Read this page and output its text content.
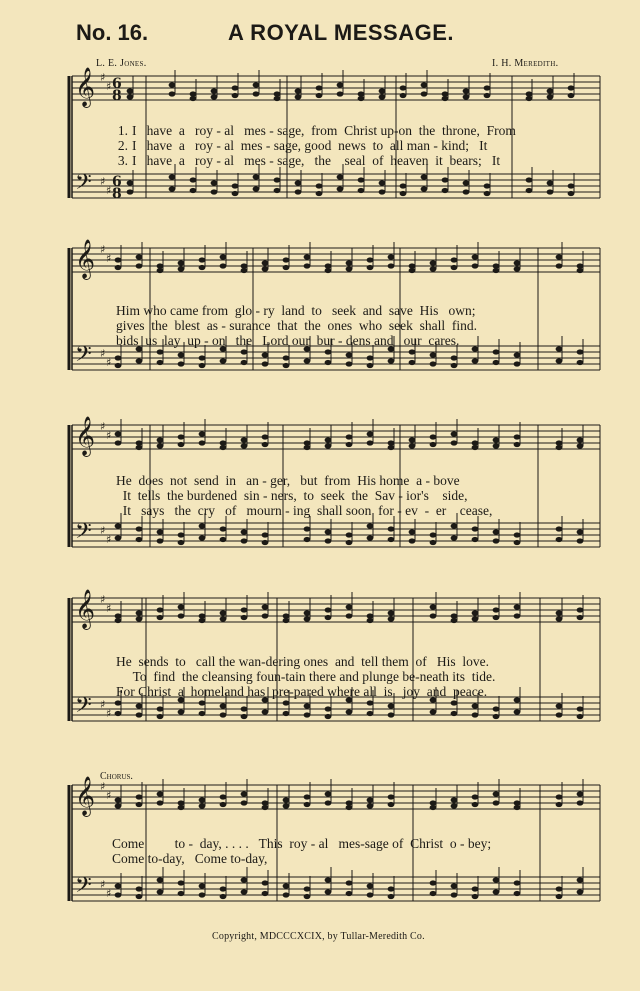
No. 16.	A ROYAL MESSAGE.
L. E. Jones.	I. H. Meredith.
𝄞
𝄢
♯
♯
♯
♯
𝄞
𝄢
♯
♯
♯
♯
𝄞
𝄢
♯
♯
♯
♯
𝄞
𝄢
♯
♯
♯
♯
𝄞
𝄢
♯
♯
♯
♯
6
8
6
8
1. I   have  a   roy - al   mes - sage,  from  Christ up-on  the  throne,  From
2. I   have  a   roy - al  mes - sage, good  news  to  all man - kind;   It
3. I   have  a   roy - al   mes - sage,   the    seal  of  heaven  it  bears;   It
Him who came from  glo - ry  land  to   seek  and  save  His   own;
gives  the  blest  as - surance  that  the  ones  who  seek  shall  find.
bids  us  lay  up - on   the   Lord our  bur - dens and   our  cares.
He  does  not  send  in   an - ger,   but  from  His home  a - bove
It  tells  the burdened  sin - ners,  to  seek  the  Sav - ior's    side,
It   says   the  cry   of   mourn - ing  shall soon  for - ev  -  er    cease,
He  sends  to   call the wan-dering ones  and  tell them  of   His  love.
To  find  the cleansing foun-tain there and plunge be-neath its  tide.
For Christ  a  homeland has  pre-pared where all  is   joy  and  peace.
Chorus.
Come         to -  day, . . . .   This  roy - al   mes-sage of  Christ  o - bey;
Come to-day,   Come to-day,
Copyright, MDCCCXCIX, by Tullar-Meredith Co.
